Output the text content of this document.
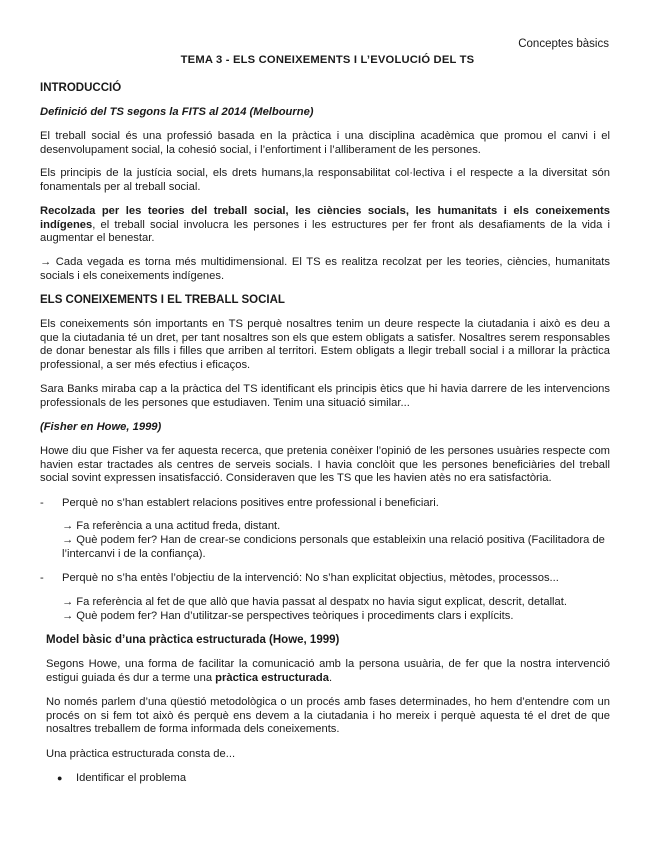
Conceptes bàsics
TEMA 3 - ELS CONEIXEMENTS I L’EVOLUCIÓ DEL TS
INTRODUCCIÓ
Definició del TS segons la FITS al 2014 (Melbourne)

El treball social és una professió basada en la pràctica i una disciplina acadèmica que promou el canvi i el desenvolupament social, la cohesió social, i l’enfortiment i l’alliberament de les persones.

Els principis de la justícia social, els drets humans,la responsabilitat col·lectiva i el respecte a la diversitat són fonamentals per al treball social.

Recolzada per les teories del treball social, les ciències socials, les humanitats i els coneixements indígenes, el treball social involucra les persones i les estructures per fer front als desafiaments de la vida i augmentar el benestar.

→ Cada vegada es torna més multidimensional. El TS es realitza recolzat per les teories, ciències, humanitats socials i els coneixements indígenes.

ELS CONEIXEMENTS I EL TREBALL SOCIAL

Els coneixements són importants en TS perquè nosaltres tenim un deure respecte la ciutadania i això es deu a que la ciutadania té un dret, per tant nosaltres son els que estem obligats a satisfer. Nosaltres serem responsables de donar benestar als fills i filles que arriben al territori. Estem obligats a llegir treball social i a millorar la pràctica professional, a ser més efectius i eficaços.

Sara Banks miraba cap a la pràctica del TS identificant els principis ètics que hi havia darrere de les intervencions professionals de les persones que estudiaven. Tenim una situació similar...

(Fisher en Howe, 1999)

Howe diu que Fisher va fer aquesta recerca, que pretenia conèixer l’opinió de les persones usuàries respecte com havien estar tractades als centres de serveis socials. I havia conclòit que les persones beneficiàries del treball social sovint expressen insatisfacció. Consideraven que les TS que les havien atès no era satisfactòria.

- Perquè no s’han establert relacions positives entre professional i beneficiari.
→ Fa referència a una actitud freda, distant.
→ Què podem fer? Han de crear-se condicions personals que estableixin una relació positiva (Facilitadora de l’intercanvi i de la confiança).
- Perquè no s’ha entès l’objectiu de la intervenció: No s’han explicitat objectius, mètodes, processos...
→ Fa referència al fet de que allò que havia passat al despatx no havia sigut explicat, descrit, detallat.
→ Què podem fer? Han d’utilitzar-se perspectives teòriques i procediments clars i explícits.
Model bàsic d’una pràctica estructurada (Howe, 1999)

Segons Howe, una forma de facilitar la comunicació amb la persona usuària, de fer que la nostra intervenció estigui guiada és dur a terme una pràctica estructurada.

No només parlem d’una qüestió metodològica o un procés amb fases determinades, ho hem d’entendre com un procés on si fem tot això és perquè ens devem a la ciutadania i ho mereix i perquè aquesta té el dret de que nosaltres treballem de forma informada dels coneixements.

Una pràctica estructurada consta de...

● Identificar el problema
